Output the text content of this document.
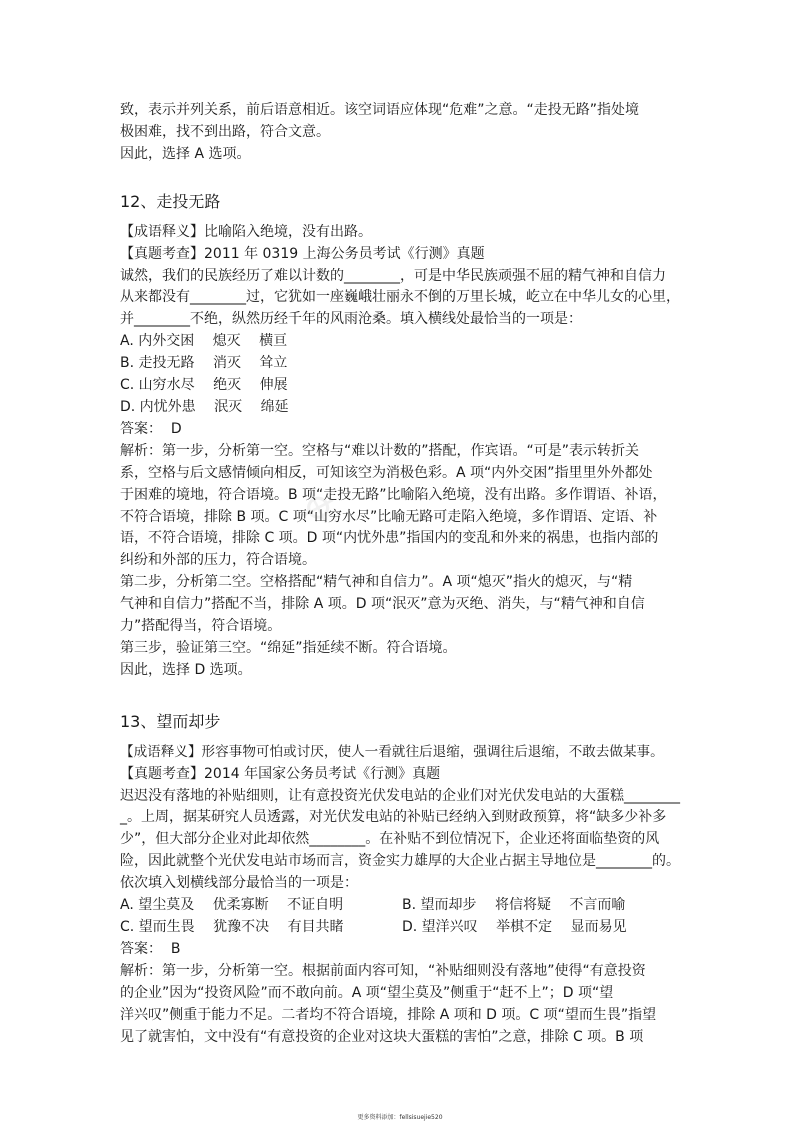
⌖

致，表示并列关系，前后语意相近。该空词语应体现“危难”之意。“走投无路”指处境

极困难，找不到出路，符合文意。

因此，选择 A 选项。

12、走投无路

【成语释义】比喻陷入绝境，没有出路。

【真题考查】2011 年 0319 上海公务员考试《行测》真题

诚然，我们的民族经历了难以计数的________，可是中华民族顽强不屈的精气神和自信力

从来都没有________过，它犹如一座巍峨壮丽永不倒的万里长城，屹立在中华儿女的心里，

并________不绝，纵然历经千年的风雨沧桑。填入横线处最恰当的一项是：

A. 内外交困　 熄灭　 横亘

B. 走投无路　 消灭　 耸立

C. 山穷水尽　 绝灭　 伸展

D. 内忧外患　 泯灭　 绵延

答案：  D

解析：第一步，分析第一空。空格与“难以计数的”搭配，作宾语。“可是”表示转折关

系，空格与后文感情倾向相反，可知该空为消极色彩。A 项“内外交困”指里里外外都处

于困难的境地，符合语境。B 项“走投无路”比喻陷入绝境，没有出路。多作谓语、补语，

不符合语境，排除 B 项。C 项“山穷水尽”比喻无路可走陷入绝境，多作谓语、定语、补

语，不符合语境，排除 C 项。D 项“内忧外患”指国内的变乱和外来的祸患，也指内部的

纠纷和外部的压力，符合语境。

第二步，分析第二空。空格搭配“精气神和自信力”。A 项“熄灭”指火的熄灭，与“精

气神和自信力”搭配不当，排除 A 项。D 项“泯灭”意为灭绝、消失，与“精气神和自信

力”搭配得当，符合语境。

第三步，验证第三空。“绵延”指延续不断。符合语境。

因此，选择 D 选项。

13、望而却步

【成语释义】形容事物可怕或讨厌，使人一看就往后退缩，强调往后退缩，不敢去做某事。

【真题考查】2014 年国家公务员考试《行测》真题

迟迟没有落地的补贴细则，让有意投资光伏发电站的企业们对光伏发电站的大蛋糕________

_。上周，据某研究人员透露，对光伏发电站的补贴已经纳入到财政预算，将“缺多少补多

少”，但大部分企业对此却依然________。在补贴不到位情况下，企业还将面临垫资的风

险，因此就整个光伏发电站市场而言，资金实力雄厚的大企业占据主导地位是________的。

依次填入划横线部分最恰当的一项是：

A. 望尘莫及　 优柔寡断　 不证自明	B. 望而却步　 将信将疑　 不言而喻

C. 望而生畏　 犹豫不决　 有目共睹	D. 望洋兴叹　 举棋不定　 显而易见

答案：  B

解析：第一步，分析第一空。根据前面内容可知，“补贴细则没有落地”使得“有意投资

的企业”因为“投资风险”而不敢向前。A 项“望尘莫及”侧重于“赶不上”；D 项“望

洋兴叹”侧重于能力不足。二者均不符合语境，排除 A 项和 D 项。C 项“望而生畏”指望

见了就害怕，文中没有“有意投资的企业对这块大蛋糕的害怕”之意，排除 C 项。B 项

更多资料添加：fellsisuejie520
